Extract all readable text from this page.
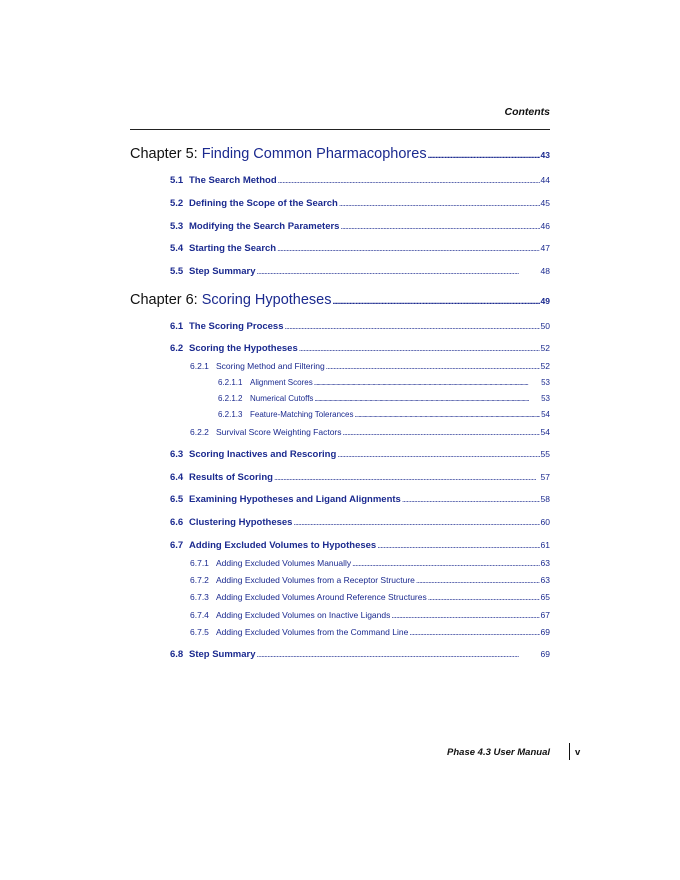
Contents
Chapter 5: Finding Common Pharmacophores . . .	43
5.1 The Search Method . . .	44
5.2 Defining the Scope of the Search . . .	45
5.3 Modifying the Search Parameters . . .	46
5.4 Starting the Search . . .	47
5.5 Step Summary . . .	48
Chapter 6: Scoring Hypotheses . . .	49
6.1 The Scoring Process . . .	50
6.2 Scoring the Hypotheses . . .	52
6.2.1 Scoring Method and Filtering . . .	52
6.2.1.1 Alignment Scores . . .	53
6.2.1.2 Numerical Cutoffs . . .	53
6.2.1.3 Feature-Matching Tolerances . . .	54
6.2.2 Survival Score Weighting Factors . . .	54
6.3 Scoring Inactives and Rescoring . . .	55
6.4 Results of Scoring . . .	57
6.5 Examining Hypotheses and Ligand Alignments . . .	58
6.6 Clustering Hypotheses . . .	60
6.7 Adding Excluded Volumes to Hypotheses . . .	61
6.7.1 Adding Excluded Volumes Manually . . .	63
6.7.2 Adding Excluded Volumes from a Receptor Structure . . .	63
6.7.3 Adding Excluded Volumes Around Reference Structures . . .	65
6.7.4 Adding Excluded Volumes on Inactive Ligands . . .	67
6.7.5 Adding Excluded Volumes from the Command Line . . .	69
6.8 Step Summary . . .	69
Phase 4.3 User Manual	v
